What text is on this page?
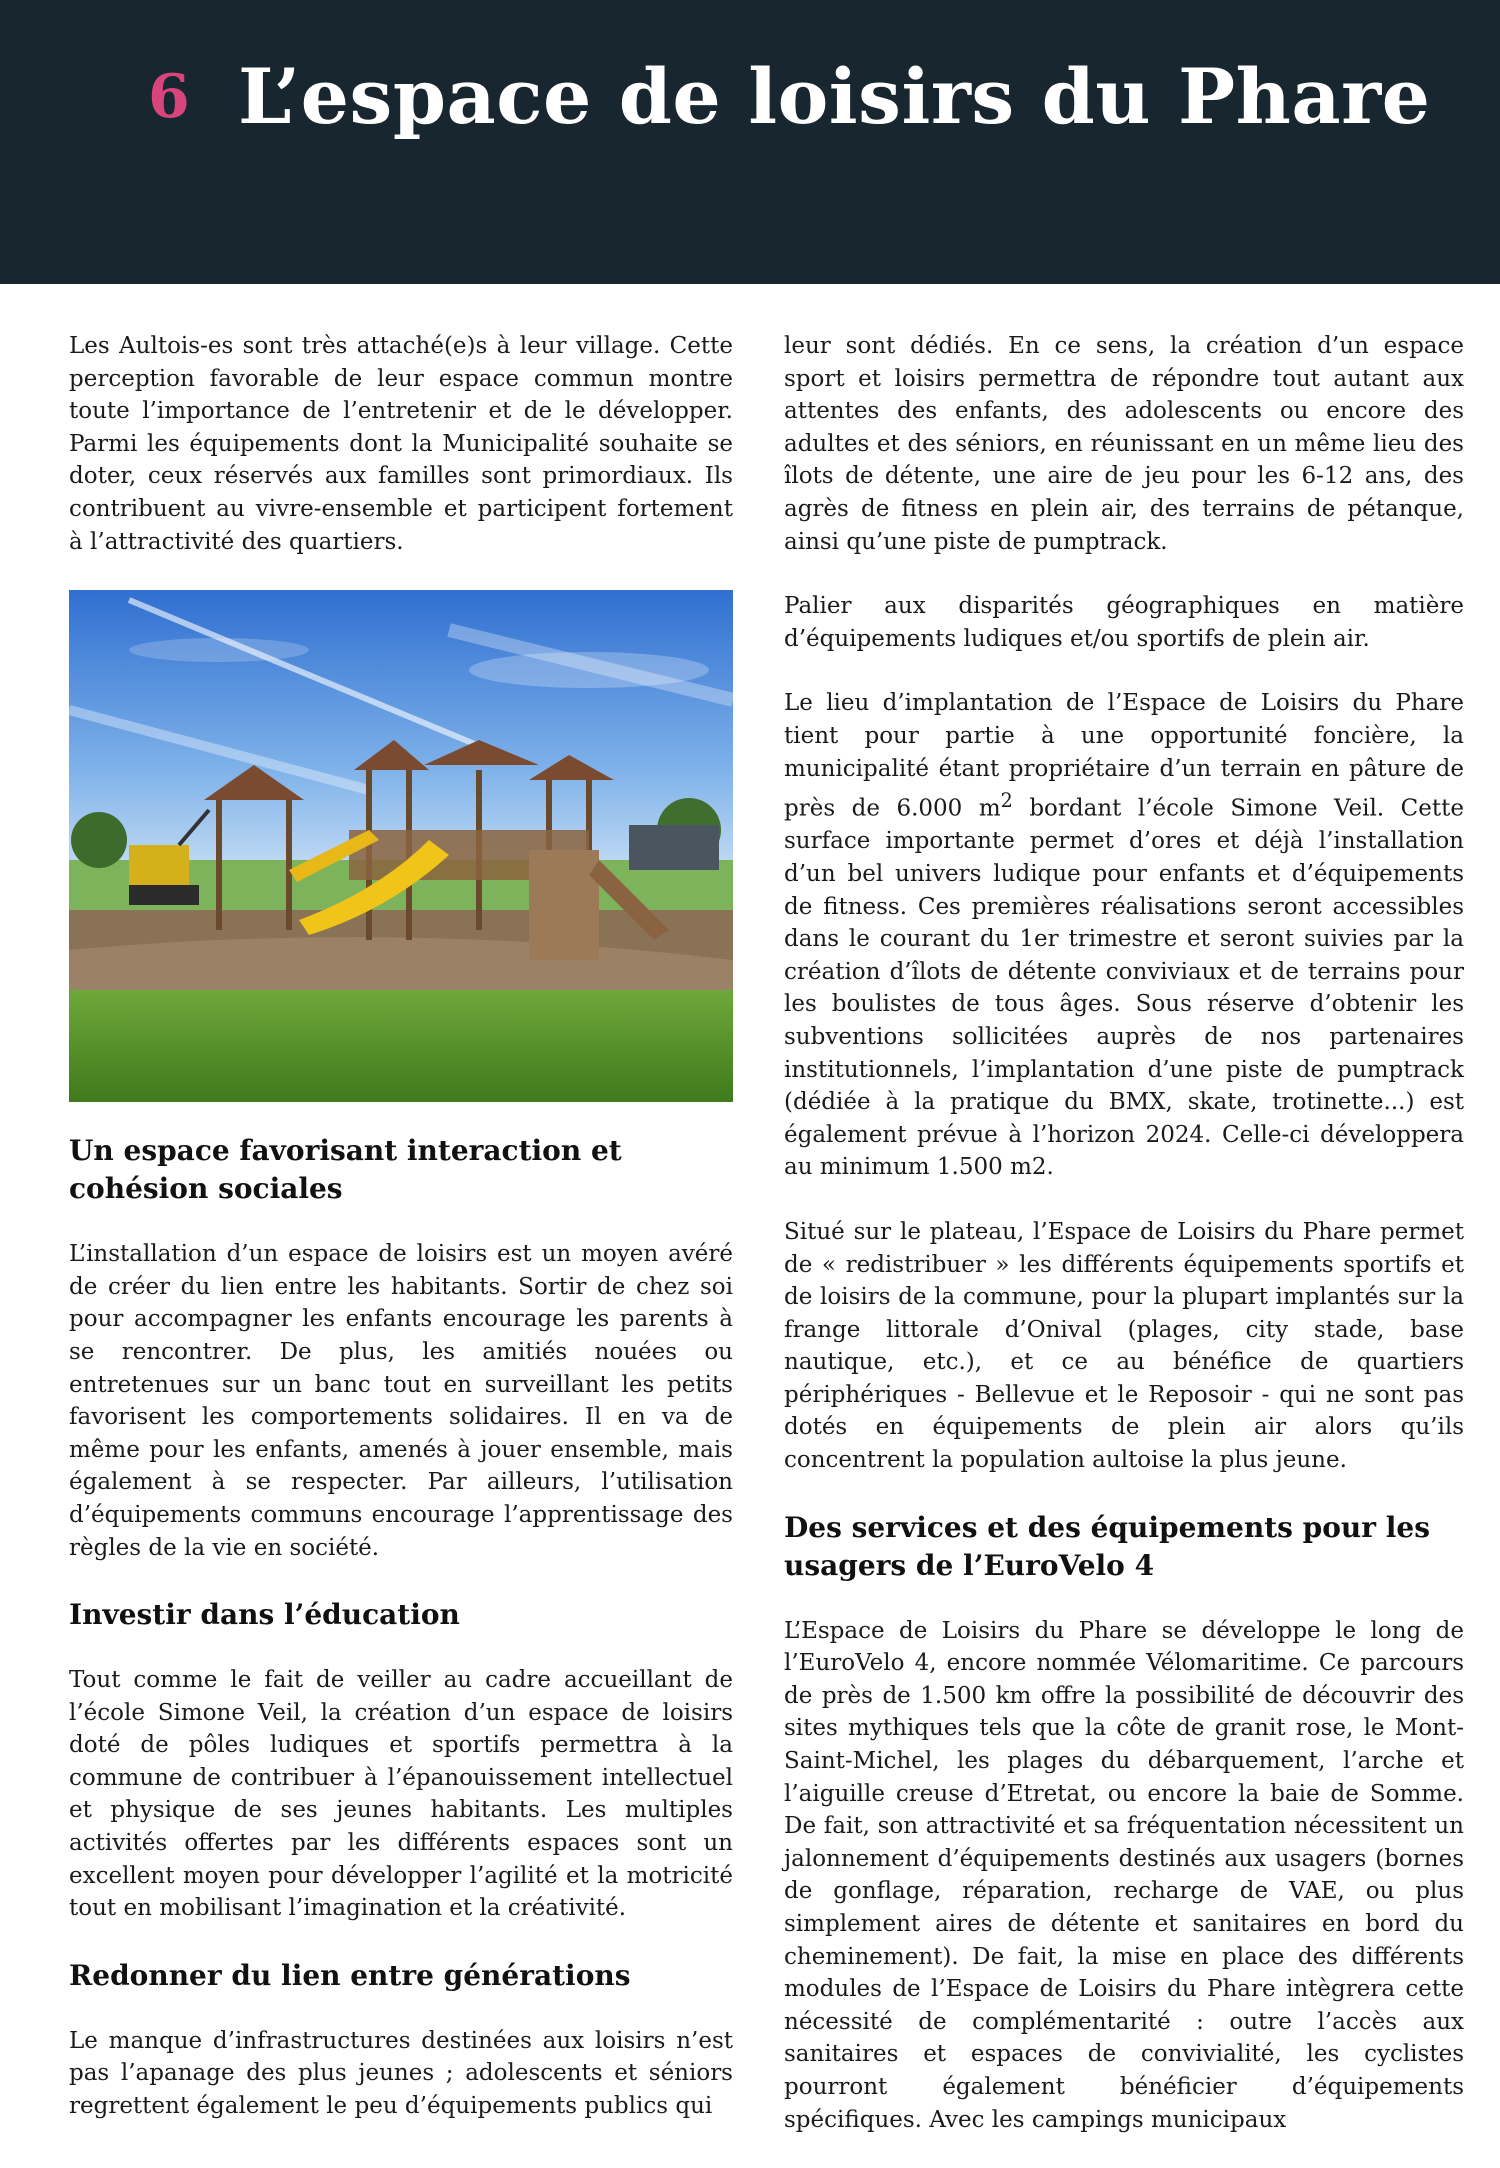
6 L’espace de loisirs du Phare

Les Aultois-es sont très attaché(e)s à leur village. Cette perception favorable de leur espace commun montre toute l’importance de l’entretenir et de le développer. Parmi les équipements dont la Municipalité souhaite se doter, ceux réservés aux familles sont primordiaux. Ils contribuent au vivre-ensemble et participent fortement à l’attractivité des quartiers.

Un espace favorisant interaction et cohésion sociales

L’installation d’un espace de loisirs est un moyen avéré de créer du lien entre les habitants. Sortir de chez soi pour accompagner les enfants encourage les parents à se rencontrer. De plus, les amitiés nouées ou entretenues sur un banc tout en surveillant les petits favorisent les comportements solidaires. Il en va de même pour les enfants, amenés à jouer ensemble, mais également à se respecter. Par ailleurs, l’utilisation d’équipements communs encourage l’apprentissage des règles de la vie en société.

Investir dans l’éducation

Tout comme le fait de veiller au cadre accueillant de l’école Simone Veil, la création d’un espace de loisirs doté de pôles ludiques et sportifs permettra à la commune de contribuer à l’épanouissement intellectuel et physique de ses jeunes habitants. Les multiples activités offertes par les différents espaces sont un excellent moyen pour développer l’agilité et la motricité tout en mobilisant l’imagination et la créativité.

Redonner du lien entre générations

Le manque d’infrastructures destinées aux loisirs n’est pas l’apanage des plus jeunes ; adolescents et séniors regrettent également le peu d’équipements publics qui

leur sont dédiés. En ce sens, la création d’un espace sport et loisirs permettra de répondre tout autant aux attentes des enfants, des adolescents ou encore des adultes et des séniors, en réunissant en un même lieu des îlots de détente, une aire de jeu pour les 6-12 ans, des agrès de fitness en plein air, des terrains de pétanque, ainsi qu’une piste de pumptrack.

Palier aux disparités géographiques en matière d’équipements ludiques et/ou sportifs de plein air.

Le lieu d’implantation de l’Espace de Loisirs du Phare tient pour partie à une opportunité foncière, la municipalité étant propriétaire d’un terrain en pâture de près de 6.000 $m^2$ bordant l’école Simone Veil. Cette surface importante permet d’ores et déjà l’installation d’un bel univers ludique pour enfants et d’équipements de fitness. Ces premières réalisations seront accessibles dans le courant du 1er trimestre et seront suivies par la création d’îlots de détente conviviaux et de terrains pour les boulistes de tous âges. Sous réserve d’obtenir les subventions sollicitées auprès de nos partenaires institutionnels, l’implantation d’une piste de pumptrack (dédiée à la pratique du BMX, skate, trotinette...) est également prévue à l’horizon 2024. Celle-ci développera au minimum 1.500 m2.

Situé sur le plateau, l’Espace de Loisirs du Phare permet de « redistribuer » les différents équipements sportifs et de loisirs de la commune, pour la plupart implantés sur la frange littorale d’Onival (plages, city stade, base nautique, etc.), et ce au bénéfice de quartiers périphériques - Bellevue et le Reposoir - qui ne sont pas dotés en équipements de plein air alors qu’ils concentrent la population aultoise la plus jeune.

Des services et des équipements pour les usagers de l’EuroVelo 4

L’Espace de Loisirs du Phare se développe le long de l’EuroVelo 4, encore nommée Vélomaritime. Ce parcours de près de 1.500 km offre la possibilité de découvrir des sites mythiques tels que la côte de granit rose, le Mont-Saint-Michel, les plages du débarquement, l’arche et l’aiguille creuse d’Etretat, ou encore la baie de Somme. De fait, son attractivité et sa fréquentation nécessitent un jalonnement d’équipements destinés aux usagers (bornes de gonflage, réparation, recharge de VAE, ou plus simplement aires de détente et sanitaires en bord du cheminement). De fait, la mise en place des différents modules de l’Espace de Loisirs du Phare intègrera cette nécessité de complémentarité : outre l’accès aux sanitaires et espaces de convivialité, les cyclistes pourront également bénéficier d’équipements spécifiques. Avec les campings municipaux
